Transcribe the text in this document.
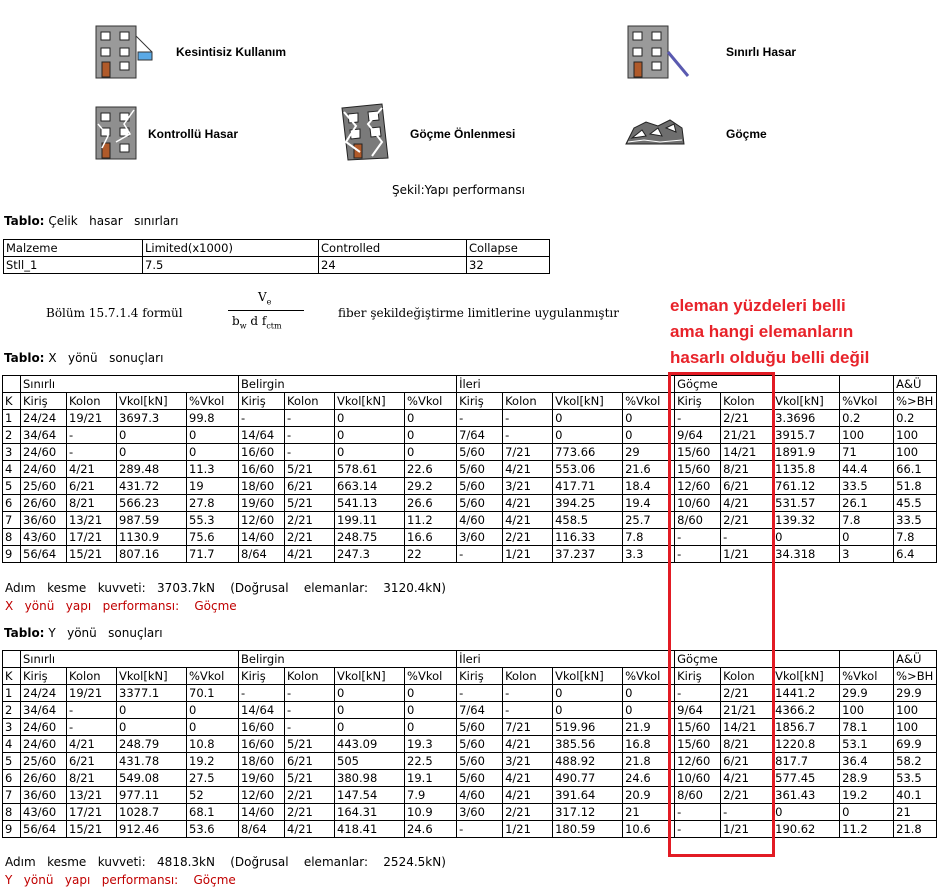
Kesintisiz Kullanım	Sınırlı Hasar
Kontrollü Hasar	Göçme Önlenmesi	Göçme
Şekil:Yapı performansı
Tablo: Çelik   hasar   sınırları
Malzeme	Limited(x1000)	Controlled	Collapse
Stll_1	7.5	24	32
Bölüm 15.7.1.4 formül
$V_e$
$b_w$ d $f_{ctm}$
fiber şekildeğiştirme limitlerine uygulanmıştır	eleman yüzdeleri belli
ama hangi elemanların
hasarlı olduğu belli değil
Tablo: X   yönü   sonuçları
	Sınırlı				Belirgin				İleri				Göçme				A&Ü
K	Kiriş	Kolon	Vkol[kN]	%Vkol	Kiriş	Kolon	Vkol[kN]	%Vkol	Kiriş	Kolon	Vkol[kN]	%Vkol	Kiriş	Kolon	Vkol[kN]	%Vkol	%>BH
1	24/24	19/21	3697.3	99.8	-	-	0	0	-	-	0	0	-	2/21	3.3696	0.2	0.2
2	34/64	-	0	0	14/64	-	0	0	7/64	-	0	0	9/64	21/21	3915.7	100	100
3	24/60	-	0	0	16/60	-	0	0	5/60	7/21	773.66	29	15/60	14/21	1891.9	71	100
4	24/60	4/21	289.48	11.3	16/60	5/21	578.61	22.6	5/60	4/21	553.06	21.6	15/60	8/21	1135.8	44.4	66.1
5	25/60	6/21	431.72	19	18/60	6/21	663.14	29.2	5/60	3/21	417.71	18.4	12/60	6/21	761.12	33.5	51.8
6	26/60	8/21	566.23	27.8	19/60	5/21	541.13	26.6	5/60	4/21	394.25	19.4	10/60	4/21	531.57	26.1	45.5
7	36/60	13/21	987.59	55.3	12/60	2/21	199.11	11.2	4/60	4/21	458.5	25.7	8/60	2/21	139.32	7.8	33.5
8	43/60	17/21	1130.9	75.6	14/60	2/21	248.75	16.6	3/60	2/21	116.33	7.8	-	-	0	0	7.8
9	56/64	15/21	807.16	71.7	8/64	4/21	247.3	22	-	1/21	37.237	3.3	-	1/21	34.318	3	6.4
Adım   kesme   kuvveti:   3703.7kN    (Doğrusal    elemanlar:    3120.4kN)
X   yönü   yapı   performansı:    Göçme
Tablo: Y   yönü   sonuçları
	Sınırlı				Belirgin				İleri				Göçme				A&Ü
K	Kiriş	Kolon	Vkol[kN]	%Vkol	Kiriş	Kolon	Vkol[kN]	%Vkol	Kiriş	Kolon	Vkol[kN]	%Vkol	Kiriş	Kolon	Vkol[kN]	%Vkol	%>BH
1	24/24	19/21	3377.1	70.1	-	-	0	0	-	-	0	0	-	2/21	1441.2	29.9	29.9
2	34/64	-	0	0	14/64	-	0	0	7/64	-	0	0	9/64	21/21	4366.2	100	100
3	24/60	-	0	0	16/60	-	0	0	5/60	7/21	519.96	21.9	15/60	14/21	1856.7	78.1	100
4	24/60	4/21	248.79	10.8	16/60	5/21	443.09	19.3	5/60	4/21	385.56	16.8	15/60	8/21	1220.8	53.1	69.9
5	25/60	6/21	431.78	19.2	18/60	6/21	505	22.5	5/60	3/21	488.92	21.8	12/60	6/21	817.7	36.4	58.2
6	26/60	8/21	549.08	27.5	19/60	5/21	380.98	19.1	5/60	4/21	490.77	24.6	10/60	4/21	577.45	28.9	53.5
7	36/60	13/21	977.11	52	12/60	2/21	147.54	7.9	4/60	4/21	391.64	20.9	8/60	2/21	361.43	19.2	40.1
8	43/60	17/21	1028.7	68.1	14/60	2/21	164.31	10.9	3/60	2/21	317.12	21	-	-	0	0	21
9	56/64	15/21	912.46	53.6	8/64	4/21	418.41	24.6	-	1/21	180.59	10.6	-	1/21	190.62	11.2	21.8
Adım   kesme   kuvveti:   4818.3kN    (Doğrusal    elemanlar:    2524.5kN)
Y   yönü   yapı   performansı:    Göçme
